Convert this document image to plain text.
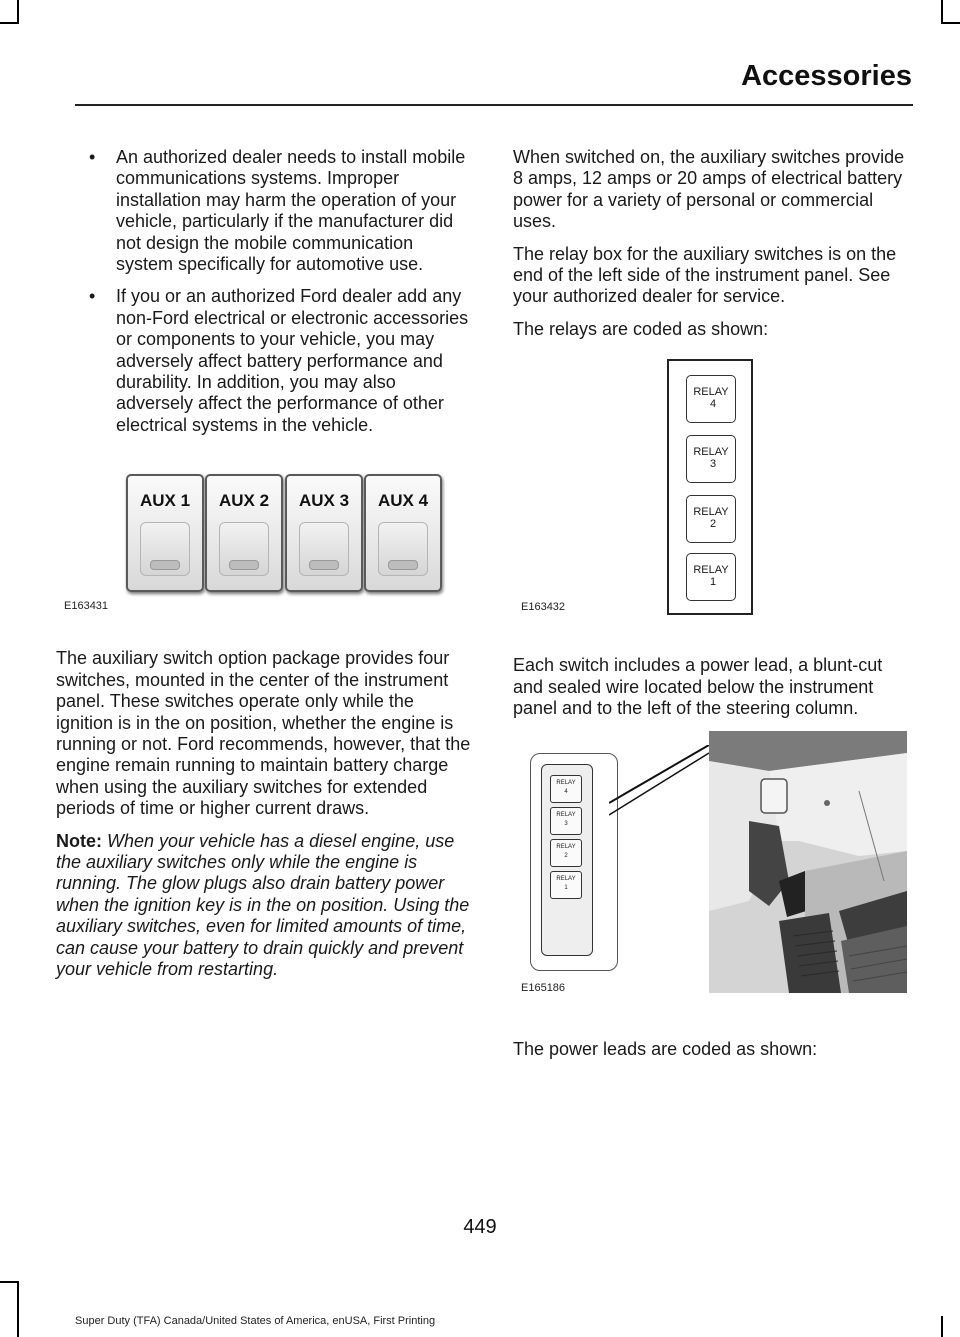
Accessories
• An authorized dealer needs to install mobile communications systems. Improper installation may harm the operation of your vehicle, particularly if the manufacturer did not design the mobile communication system specifically for automotive use.
• If you or an authorized Ford dealer add any non-Ford electrical or electronic accessories or components to your vehicle, you may adversely affect battery performance and durability. In addition, you may also adversely affect the performance of other electrical systems in the vehicle.
AUX 1	AUX 2	AUX 3	AUX 4
E163431

The auxiliary switch option package provides four switches, mounted in the center of the instrument panel. These switches operate only while the ignition is in the on position, whether the engine is running or not. Ford recommends, however, that the engine remain running to maintain battery charge when using the auxiliary switches for extended periods of time or higher current draws.

Note: When your vehicle has a diesel engine, use the auxiliary switches only while the engine is running. The glow plugs also drain battery power when the ignition key is in the on position. Using the auxiliary switches, even for limited amounts of time, can cause your battery to drain quickly and prevent your vehicle from restarting.

When switched on, the auxiliary switches provide 8 amps, 12 amps or 20 amps of electrical battery power for a variety of personal or commercial uses.

The relay box for the auxiliary switches is on the end of the left side of the instrument panel. See your authorized dealer for service.

The relays are coded as shown:

RELAY
4
RELAY
3
RELAY
2
RELAY
1
E163432

Each switch includes a power lead, a blunt-cut and sealed wire located below the instrument panel and to the left of the steering column.

RELAY
4
RELAY
3
RELAY
2
RELAY
1
E165186

The power leads are coded as shown:

449
Super Duty (TFA) Canada/United States of America, enUSA, First Printing
